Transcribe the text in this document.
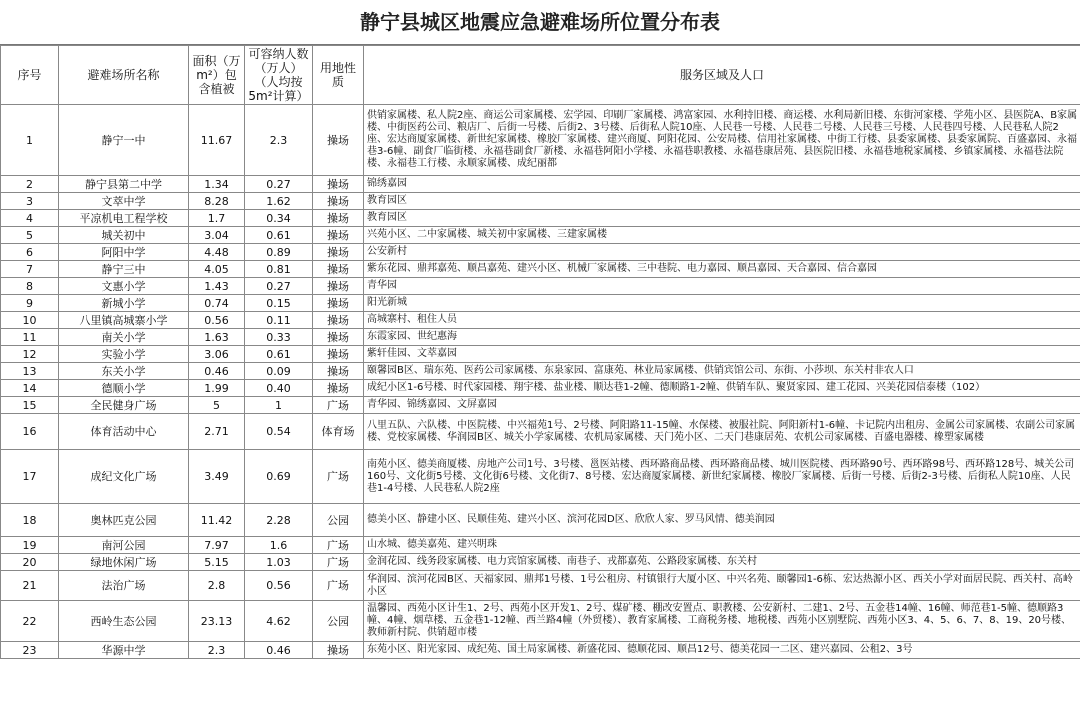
静宁县城区地震应急避难场所位置分布表
序号	避难场所名称	面积（万m²）包含植被	可容纳人数（万人）（人均按5m²计算）	用地性质	服务区域及人口
1	静宁一中	11.67	2.3	操场	供销家属楼、私人院2座、商运公司家属楼、宏学园、印刷厂家属楼、鸿富家园、水利持旧楼、商运楼、水利局新旧楼、东街河家楼、学苑小区、县医院A、B家属楼、中街医药公司、粮店厂、后街一号楼、后街2、3号楼、后街私人院10座、人民巷一号楼、人民巷二号楼、人民巷三号楼、人民巷四号楼、人民巷私人院2座、宏达商厦家属楼、新世纪家属楼、橡胶厂家属楼、建兴商厦、阿阳花园、公安局楼、信用社家属楼、中街工行楼、县委家属楼、县委家属院、百盛嘉园、永福巷3-6幢、副食厂临街楼、永福巷副食厂新楼、永福巷阿阳小学楼、永福巷职教楼、永福巷康居苑、县医院旧楼、永福巷地税家属楼、乡镇家属楼、永福巷法院楼、永福巷工行楼、永顺家属楼、成纪丽都
2	静宁县第二中学	1.34	0.27	操场	锦绣嘉园
3	文萃中学	8.28	1.62	操场	教育园区
4	平凉机电工程学校	1.7	0.34	操场	教育园区
5	城关初中	3.04	0.61	操场	兴苑小区、二中家属楼、城关初中家属楼、三建家属楼
6	阿阳中学	4.48	0.89	操场	公安新村
7	静宁三中	4.05	0.81	操场	紫东花园、鼎邦嘉苑、顺昌嘉苑、建兴小区、机械厂家属楼、三中巷院、电力嘉园、顺昌嘉园、天合嘉园、信合嘉园
8	文惠小学	1.43	0.27	操场	青华园
9	新城小学	0.74	0.15	操场	阳光新城
10	八里镇高城寨小学	0.56	0.11	操场	高城寨村、租住人员
11	南关小学	1.63	0.33	操场	东霞家园、世纪惠海
12	实验小学	3.06	0.61	操场	紫轩佳园、文萃嘉园
13	东关小学	0.46	0.09	操场	颐馨园B区、瑞东苑、医药公司家属楼、东泉家园、富康苑、林业局家属楼、供销宾馆公司、东街、小莎坝、东关村非农人口
14	德顺小学	1.99	0.40	操场	成纪小区1-6号楼、时代家园楼、翔宇楼、盐业楼、顺达巷1-2幢、德顺路1-2幢、供销车队、聚贤家园、建工花园、兴美花园信泰楼（102）
15	全民健身广场	5	1	广场	青华园、锦绣嘉园、文屏嘉园
16	体育活动中心	2.71	0.54	体育场	八里五队、六队楼、中医院楼、中兴福苑1号、2号楼、阿阳路11-15幢、水保楼、被服社院、阿阳新村1-6幢、卡记院内出租房、金属公司家属楼、农副公司家属楼、党校家属楼、华润园B区、城关小学家属楼、农机局家属楼、天门苑小区、二天门巷康居苑、农机公司家属楼、百盛电器楼、橡塑家属楼
17	成纪文化广场	3.49	0.69	广场	南苑小区、德美商厦楼、房地产公司1号、3号楼、邕医站楼、西环路商品楼、西环路商品楼、城川医院楼、西环路90号、西环路98号、西环路128号、城关公司160号、文化街5号楼、文化街6号楼、文化街7、8号楼、宏达商厦家属楼、新世纪家属楼、橡胶厂家属楼、后街一号楼、后街2-3号楼、后街私人院10座、人民巷1-4号楼、人民巷私人院2座
18	奥林匹克公园	11.42	2.28	公园	德美小区、静建小区、民顺佳苑、建兴小区、滨河花园D区、欣欣人家、罗马风情、德美润园
19	南河公园	7.97	1.6	广场	山水城、德美嘉苑、建兴明珠
20	绿地休闲广场	5.15	1.03	广场	金润花园、线务段家属楼、电力宾馆家属楼、南巷子、戎都嘉苑、公路段家属楼、东关村
21	法治广场	2.8	0.56	广场	华润园、滨河花园B区、天福家园、鼎邦1号楼、1号公租房、村镇银行大厦小区、中兴名苑、颐馨园1-6栋、宏达热源小区、西关小学对面居民院、西关村、高岭小区
22	西岭生态公园	23.13	4.62	公园	温馨园、西苑小区计生1、2号、西苑小区开发1、2号、煤矿楼、棚改安置点、职教楼、公安新村、二建1、2号、五金巷14幢、16幢、师范巷1-5幢、德顺路3幢、4幢、烟草楼、五金巷1-12幢、西兰路4幢（外贸楼）、教育家属楼、工商税务楼、地税楼、西苑小区别墅院、西苑小区3、4、5、6、7、8、19、20号楼、教师新村院、供销超市楼
23	华源中学	2.3	0.46	操场	东苑小区、阳光家园、成纪苑、国土局家属楼、新盛花园、德顺花园、顺昌12号、德美花园一二区、建兴嘉园、公租2、3号
